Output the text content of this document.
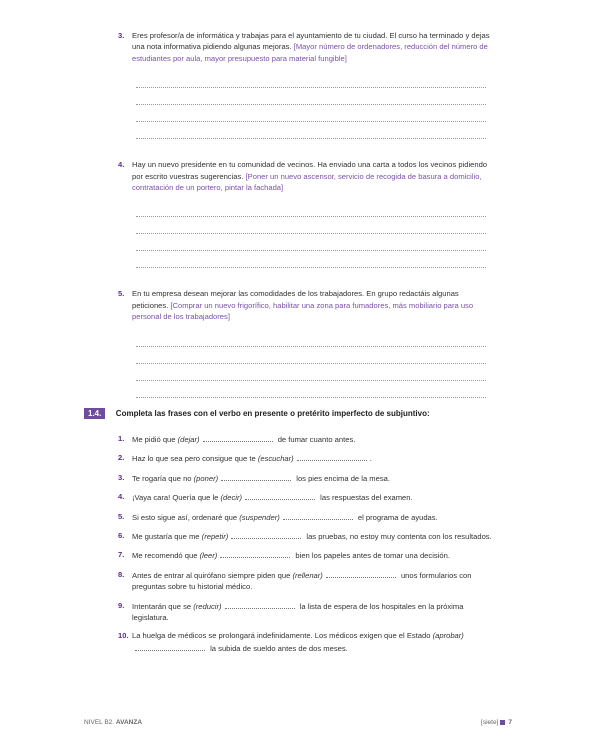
3. Eres profesor/a de informática y trabajas para el ayuntamiento de tu ciudad. El curso ha terminado y dejas una nota informativa pidiendo algunas mejoras. [Mayor número de ordenadores, reducción del número de estudiantes por aula, mayor presupuesto para material fungible]
4. Hay un nuevo presidente en tu comunidad de vecinos. Ha enviado una carta a todos los vecinos pidiendo por escrito vuestras sugerencias. [Poner un nuevo ascensor, servicio de recogida de basura a domicilio, contratación de un portero, pintar la fachada]
5. En tu empresa desean mejorar las comodidades de los trabajadores. En grupo redactáis algunas peticiones. [Comprar un nuevo frigorífico, habilitar una zona para fumadores, más mobiliario para uso personal de los trabajadores]
1.4. Completa las frases con el verbo en presente o pretérito imperfecto de subjuntivo:
1. Me pidió que (dejar)	de fumar cuanto antes.
2. Haz lo que sea pero consigue que te (escuchar)	.
3. Te rogaría que no (poner)	los pies encima de la mesa.
4. ¡Vaya cara! Quería que le (decir)	las respuestas del examen.
5. Si esto sigue así, ordenaré que (suspender)	el programa de ayudas.
6. Me gustaría que me (repetir)	las pruebas, no estoy muy contenta con los resultados.
7. Me recomendó que (leer)	bien los papeles antes de tomar una decisión.
8. Antes de entrar al quirófano siempre piden que (rellenar)	unos formularios con preguntas sobre tu historial médico.
9. Intentarán que se (reducir)	la lista de espera de los hospitales en la próxima legislatura.
10. La huelga de médicos se prolongará indefinidamente. Los médicos exigen que el Estado (aprobar) la subida de sueldo antes de dos meses.
NIVEL B2. AVANZA	[siete] 7
